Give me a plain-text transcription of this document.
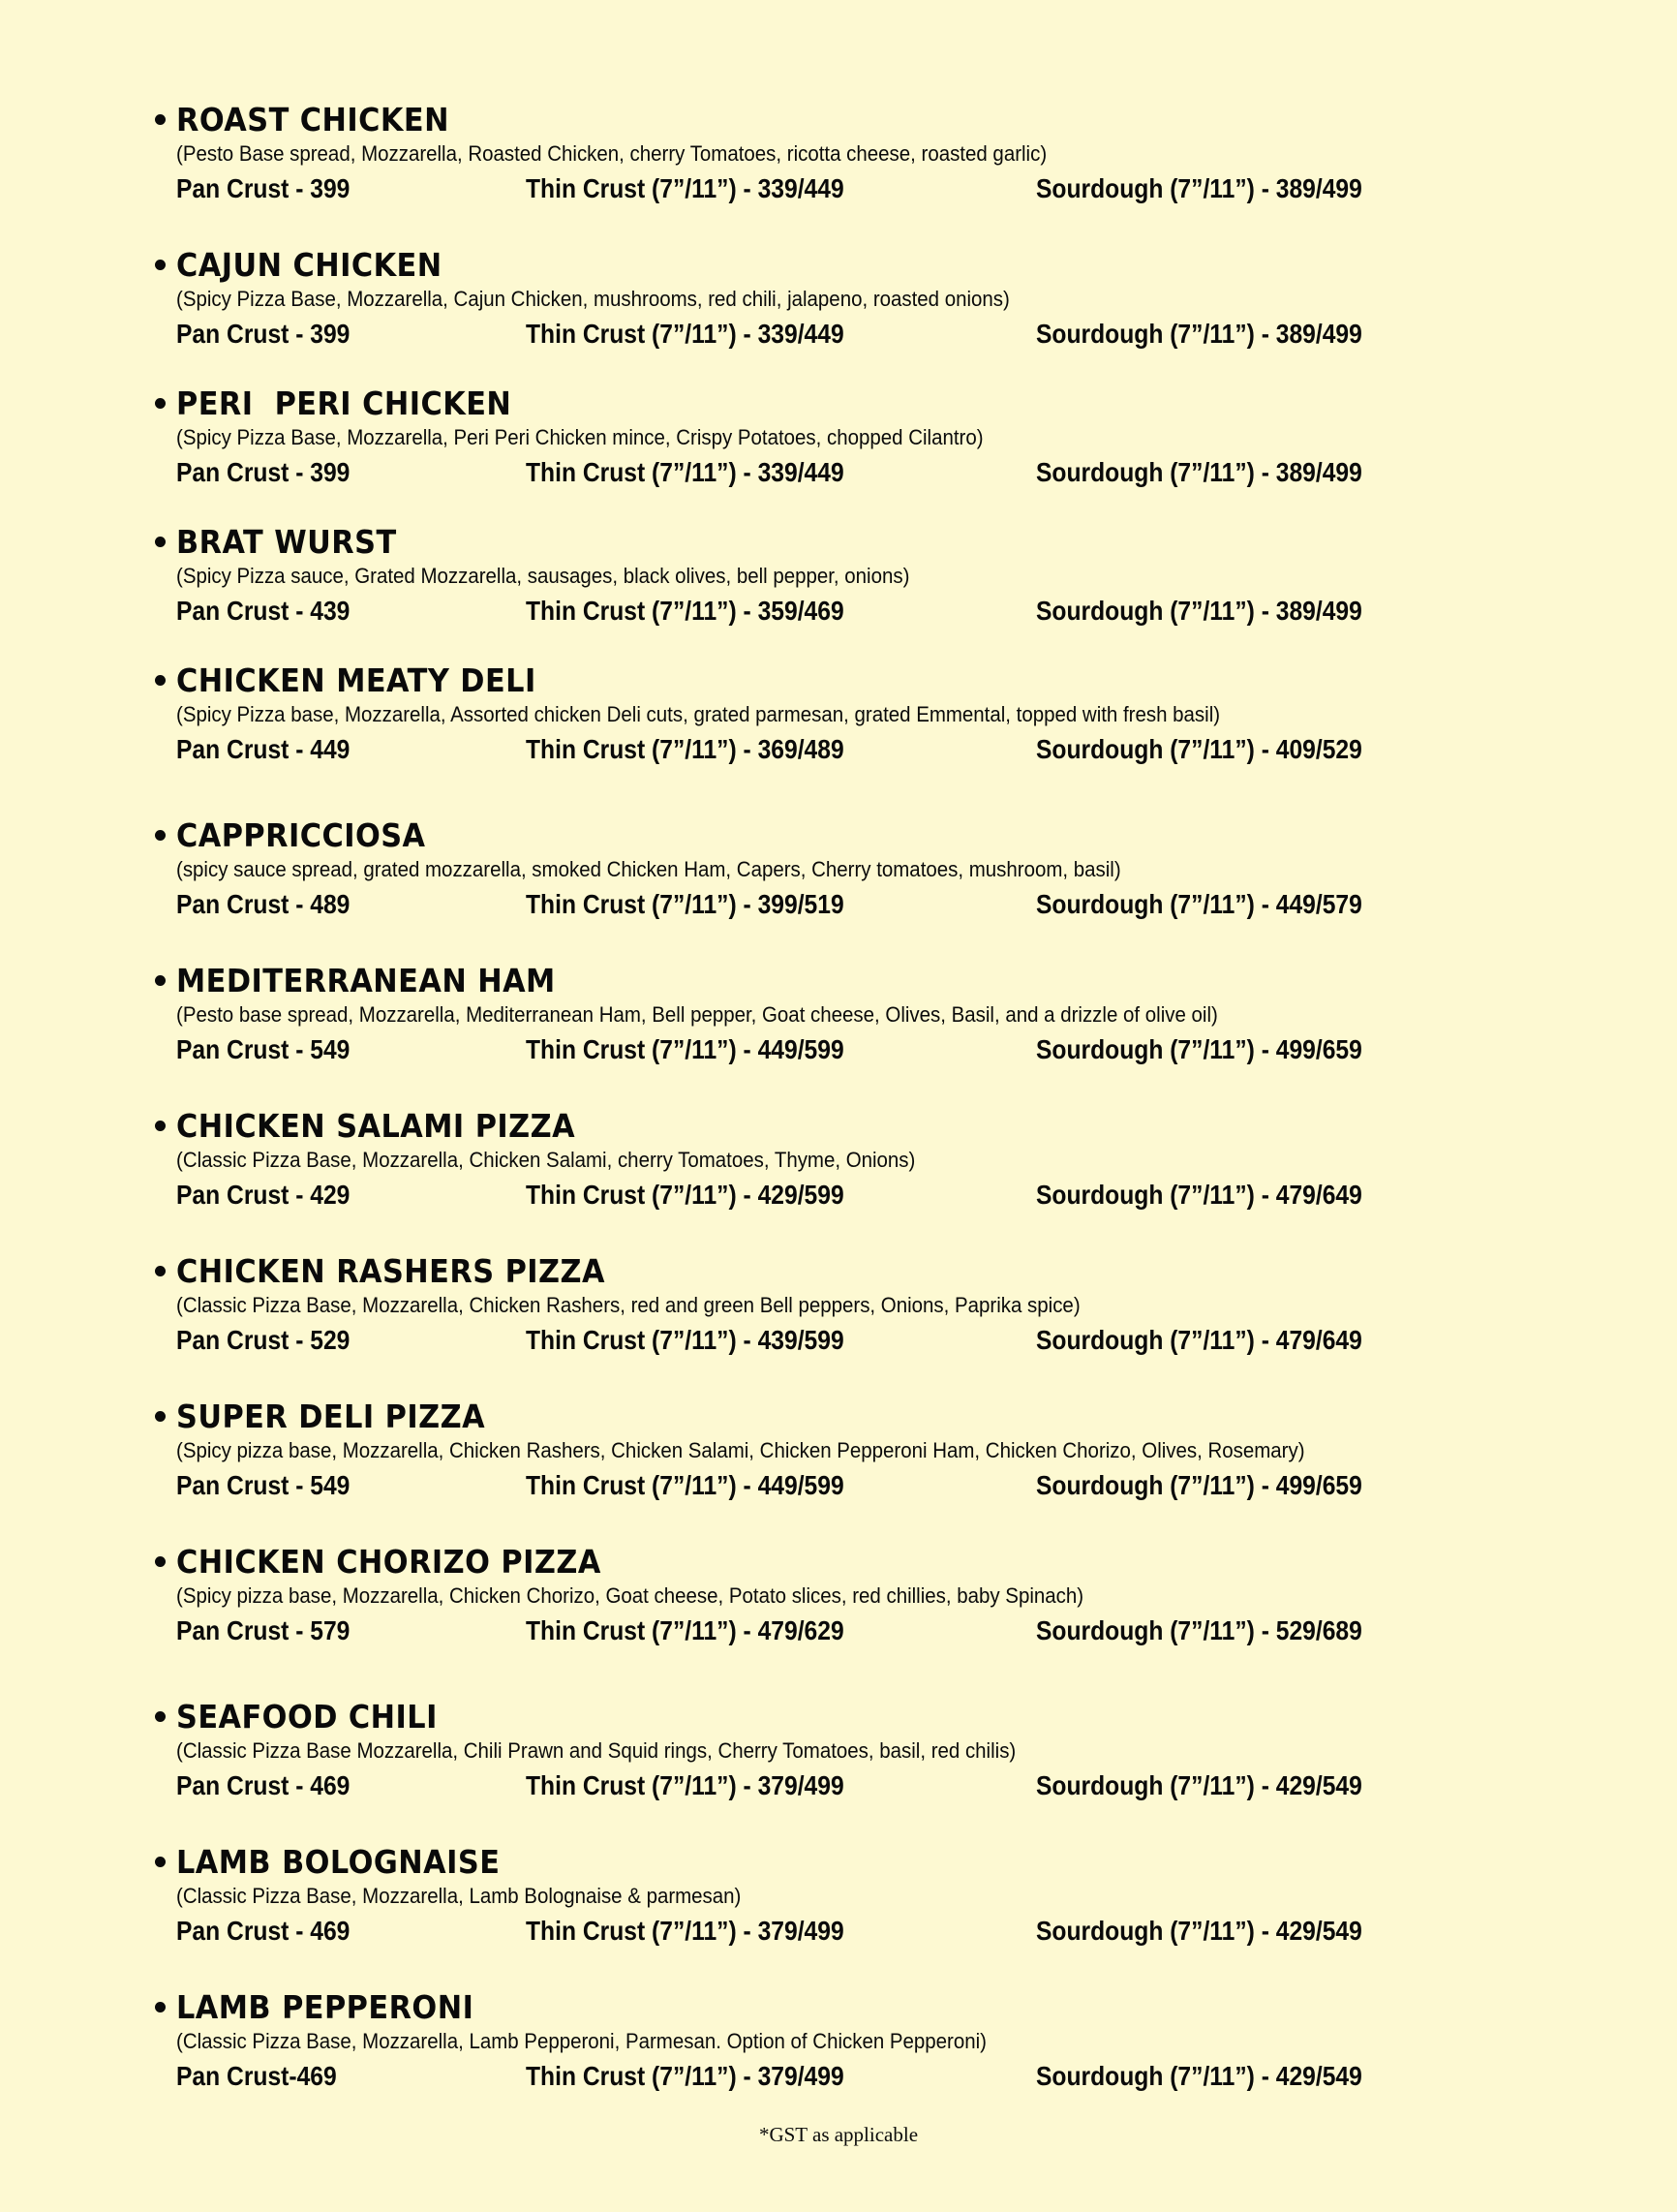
ROAST CHICKEN
(Pesto Base spread, Mozzarella, Roasted Chicken, cherry Tomatoes, ricotta cheese, roasted garlic)
Pan Crust - 399	Thin Crust (7”/11”) - 339/449	Sourdough (7”/11”) - 389/499
CAJUN CHICKEN
(Spicy Pizza Base, Mozzarella, Cajun Chicken, mushrooms, red chili, jalapeno, roasted onions)
Pan Crust - 399	Thin Crust (7”/11”) - 339/449	Sourdough (7”/11”) - 389/499
PERI  PERI CHICKEN
(Spicy Pizza Base, Mozzarella, Peri Peri Chicken mince, Crispy Potatoes, chopped Cilantro)
Pan Crust - 399	Thin Crust (7”/11”) - 339/449	Sourdough (7”/11”) - 389/499
BRAT WURST
(Spicy Pizza sauce, Grated Mozzarella, sausages, black olives, bell pepper, onions)
Pan Crust - 439	Thin Crust (7”/11”) - 359/469	Sourdough (7”/11”) - 389/499
CHICKEN MEATY DELI
(Spicy Pizza base, Mozzarella, Assorted chicken Deli cuts, grated parmesan, grated Emmental, topped with fresh basil)
Pan Crust - 449	Thin Crust (7”/11”) - 369/489	Sourdough (7”/11”) - 409/529
CAPPRICCIOSA
(spicy sauce spread, grated mozzarella, smoked Chicken Ham, Capers, Cherry tomatoes, mushroom, basil)
Pan Crust - 489	Thin Crust (7”/11”) - 399/519	Sourdough (7”/11”) - 449/579
MEDITERRANEAN HAM
(Pesto base spread, Mozzarella, Mediterranean Ham, Bell pepper, Goat cheese, Olives, Basil, and a drizzle of olive oil)
Pan Crust - 549	Thin Crust (7”/11”) - 449/599	Sourdough (7”/11”) - 499/659
CHICKEN SALAMI PIZZA
(Classic Pizza Base, Mozzarella, Chicken Salami, cherry Tomatoes, Thyme, Onions)
Pan Crust - 429	Thin Crust (7”/11”) - 429/599	Sourdough (7”/11”) - 479/649
CHICKEN RASHERS PIZZA
(Classic Pizza Base, Mozzarella, Chicken Rashers, red and green Bell peppers, Onions, Paprika spice)
Pan Crust - 529	Thin Crust (7”/11”) - 439/599	Sourdough (7”/11”) - 479/649
SUPER DELI PIZZA
(Spicy pizza base, Mozzarella, Chicken Rashers, Chicken Salami, Chicken Pepperoni Ham, Chicken Chorizo, Olives, Rosemary)
Pan Crust - 549	Thin Crust (7”/11”) - 449/599	Sourdough (7”/11”) - 499/659
CHICKEN CHORIZO PIZZA
(Spicy pizza base, Mozzarella, Chicken Chorizo, Goat cheese, Potato slices, red chillies, baby Spinach)
Pan Crust - 579	Thin Crust (7”/11”) - 479/629	Sourdough (7”/11”) - 529/689
SEAFOOD CHILI
(Classic Pizza Base Mozzarella, Chili Prawn and Squid rings, Cherry Tomatoes, basil, red chilis)
Pan Crust - 469	Thin Crust (7”/11”) - 379/499	Sourdough (7”/11”) - 429/549
LAMB BOLOGNAISE
(Classic Pizza Base, Mozzarella, Lamb Bolognaise & parmesan)
Pan Crust - 469	Thin Crust (7”/11”) - 379/499	Sourdough (7”/11”) - 429/549
LAMB PEPPERONI
(Classic Pizza Base, Mozzarella, Lamb Pepperoni, Parmesan. Option of Chicken Pepperoni)
Pan Crust-469	Thin Crust (7”/11”) - 379/499	Sourdough (7”/11”) - 429/549
*GST as applicable
